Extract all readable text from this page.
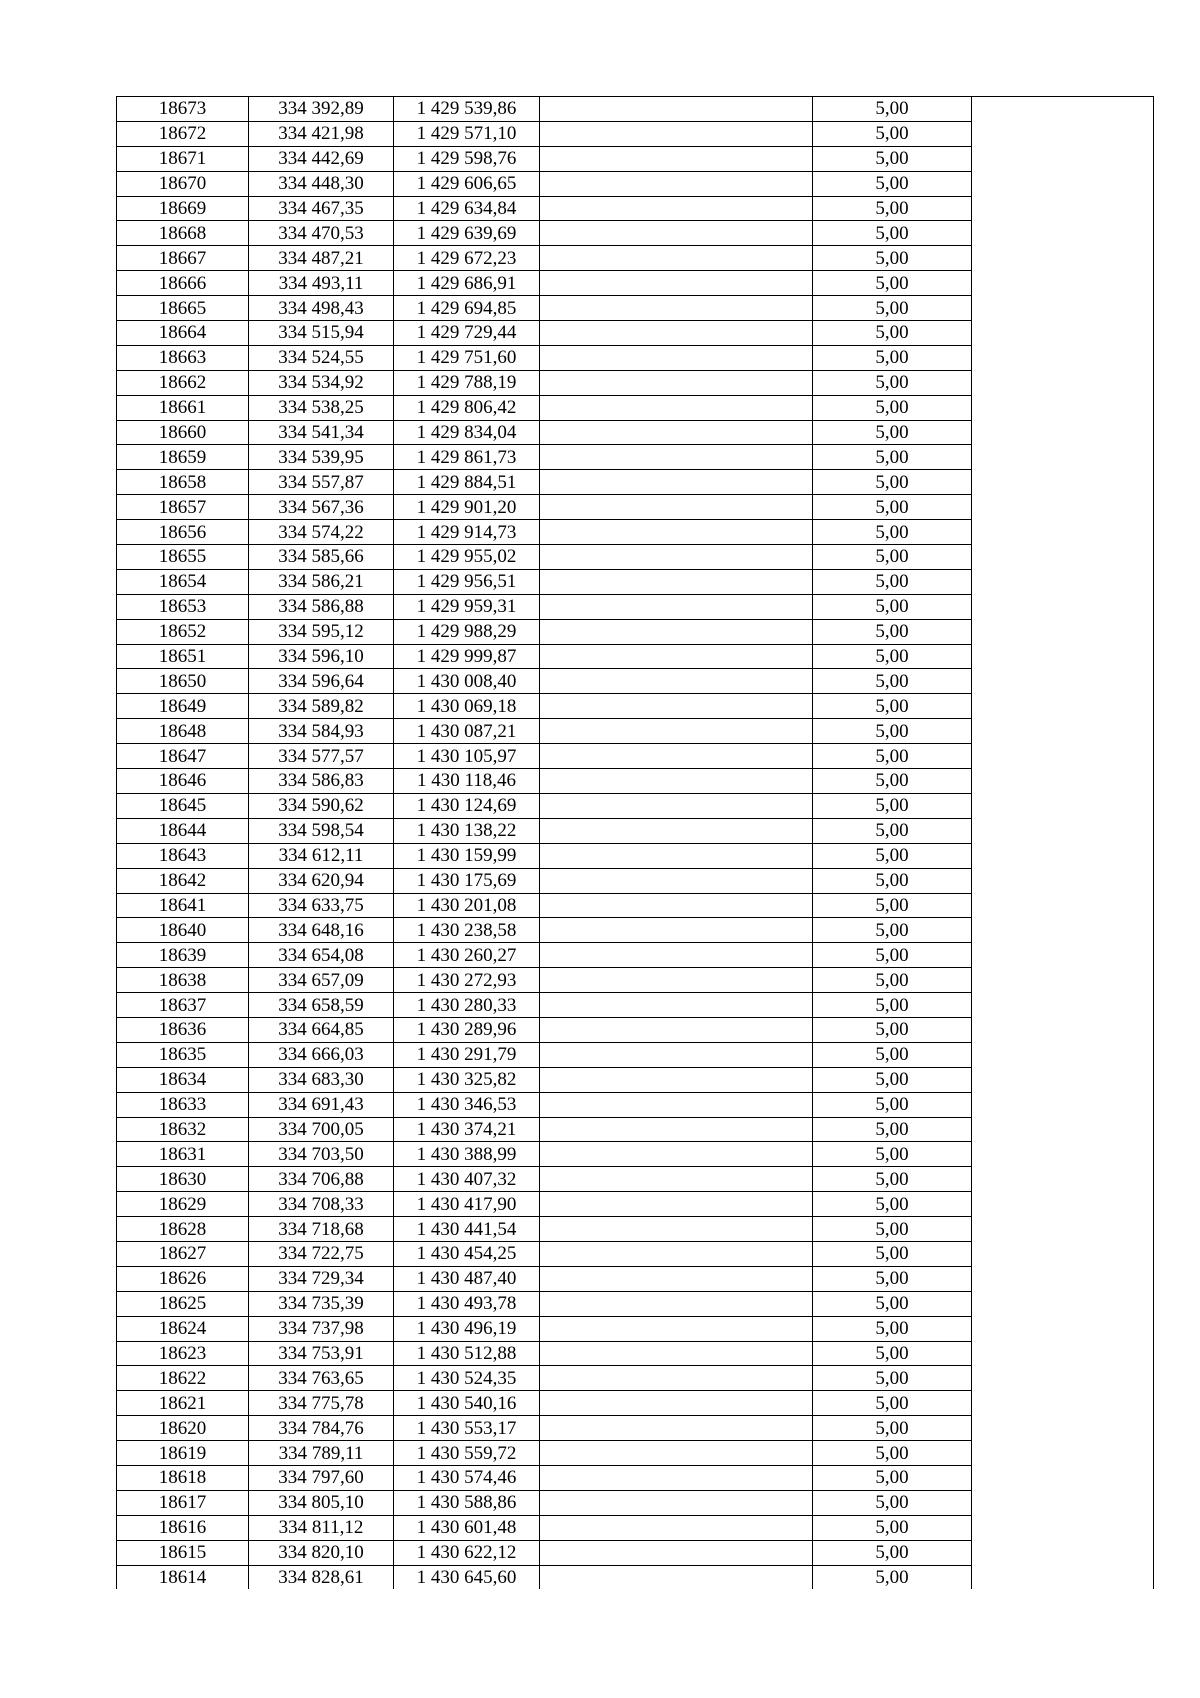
18673	334 392,89	1 429 539,86		5,00	
18672	334 421,98	1 429 571,10		5,00	
18671	334 442,69	1 429 598,76		5,00	
18670	334 448,30	1 429 606,65		5,00	
18669	334 467,35	1 429 634,84		5,00	
18668	334 470,53	1 429 639,69		5,00	
18667	334 487,21	1 429 672,23		5,00	
18666	334 493,11	1 429 686,91		5,00	
18665	334 498,43	1 429 694,85		5,00	
18664	334 515,94	1 429 729,44		5,00	
18663	334 524,55	1 429 751,60		5,00	
18662	334 534,92	1 429 788,19		5,00	
18661	334 538,25	1 429 806,42		5,00	
18660	334 541,34	1 429 834,04		5,00	
18659	334 539,95	1 429 861,73		5,00	
18658	334 557,87	1 429 884,51		5,00	
18657	334 567,36	1 429 901,20		5,00	
18656	334 574,22	1 429 914,73		5,00	
18655	334 585,66	1 429 955,02		5,00	
18654	334 586,21	1 429 956,51		5,00	
18653	334 586,88	1 429 959,31		5,00	
18652	334 595,12	1 429 988,29		5,00	
18651	334 596,10	1 429 999,87		5,00	
18650	334 596,64	1 430 008,40		5,00	
18649	334 589,82	1 430 069,18		5,00	
18648	334 584,93	1 430 087,21		5,00	
18647	334 577,57	1 430 105,97		5,00	
18646	334 586,83	1 430 118,46		5,00	
18645	334 590,62	1 430 124,69		5,00	
18644	334 598,54	1 430 138,22		5,00	
18643	334 612,11	1 430 159,99		5,00	
18642	334 620,94	1 430 175,69		5,00	
18641	334 633,75	1 430 201,08		5,00	
18640	334 648,16	1 430 238,58		5,00	
18639	334 654,08	1 430 260,27		5,00	
18638	334 657,09	1 430 272,93		5,00	
18637	334 658,59	1 430 280,33		5,00	
18636	334 664,85	1 430 289,96		5,00	
18635	334 666,03	1 430 291,79		5,00	
18634	334 683,30	1 430 325,82		5,00	
18633	334 691,43	1 430 346,53		5,00	
18632	334 700,05	1 430 374,21		5,00	
18631	334 703,50	1 430 388,99		5,00	
18630	334 706,88	1 430 407,32		5,00	
18629	334 708,33	1 430 417,90		5,00	
18628	334 718,68	1 430 441,54		5,00	
18627	334 722,75	1 430 454,25		5,00	
18626	334 729,34	1 430 487,40		5,00	
18625	334 735,39	1 430 493,78		5,00	
18624	334 737,98	1 430 496,19		5,00	
18623	334 753,91	1 430 512,88		5,00	
18622	334 763,65	1 430 524,35		5,00	
18621	334 775,78	1 430 540,16		5,00	
18620	334 784,76	1 430 553,17		5,00	
18619	334 789,11	1 430 559,72		5,00	
18618	334 797,60	1 430 574,46		5,00	
18617	334 805,10	1 430 588,86		5,00	
18616	334 811,12	1 430 601,48		5,00	
18615	334 820,10	1 430 622,12		5,00	
18614	334 828,61	1 430 645,60		5,00	
